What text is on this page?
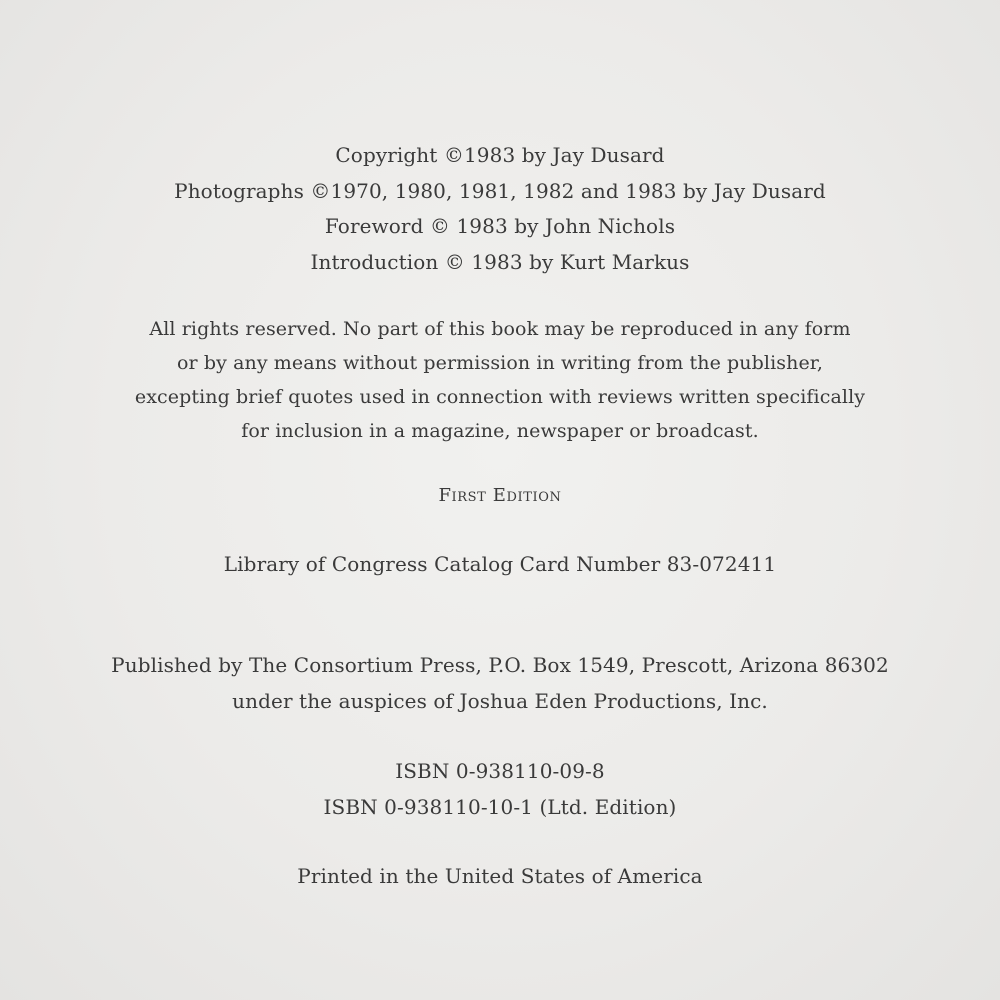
Copyright ©1983 by Jay Dusard
Photographs ©1970, 1980, 1981, 1982 and 1983 by Jay Dusard
Foreword © 1983 by John Nichols
Introduction © 1983 by Kurt Markus
All rights reserved. No part of this book may be reproduced in any form
or by any means without permission in writing from the publisher,
excepting brief quotes used in connection with reviews written specifically
for inclusion in a magazine, newspaper or broadcast.
First Edition
Library of Congress Catalog Card Number 83-072411
Published by The Consortium Press, P.O. Box 1549, Prescott, Arizona 86302
under the auspices of Joshua Eden Productions, Inc.
ISBN 0-938110-09-8
ISBN 0-938110-10-1 (Ltd. Edition)
Printed in the United States of America
